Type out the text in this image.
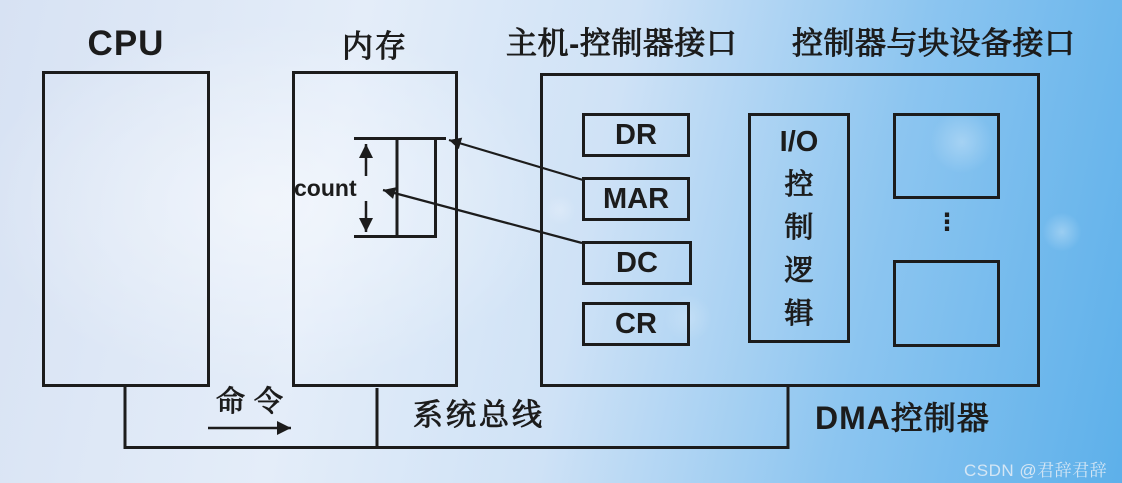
DR
MAR
DC
CR
I/O
控
制
逻
辑
⋮
CPU	内存	主机-控制器接口 控制器与块设备接口
count
命令	系统总线	DMA控制器
CSDN @君辞君辞
